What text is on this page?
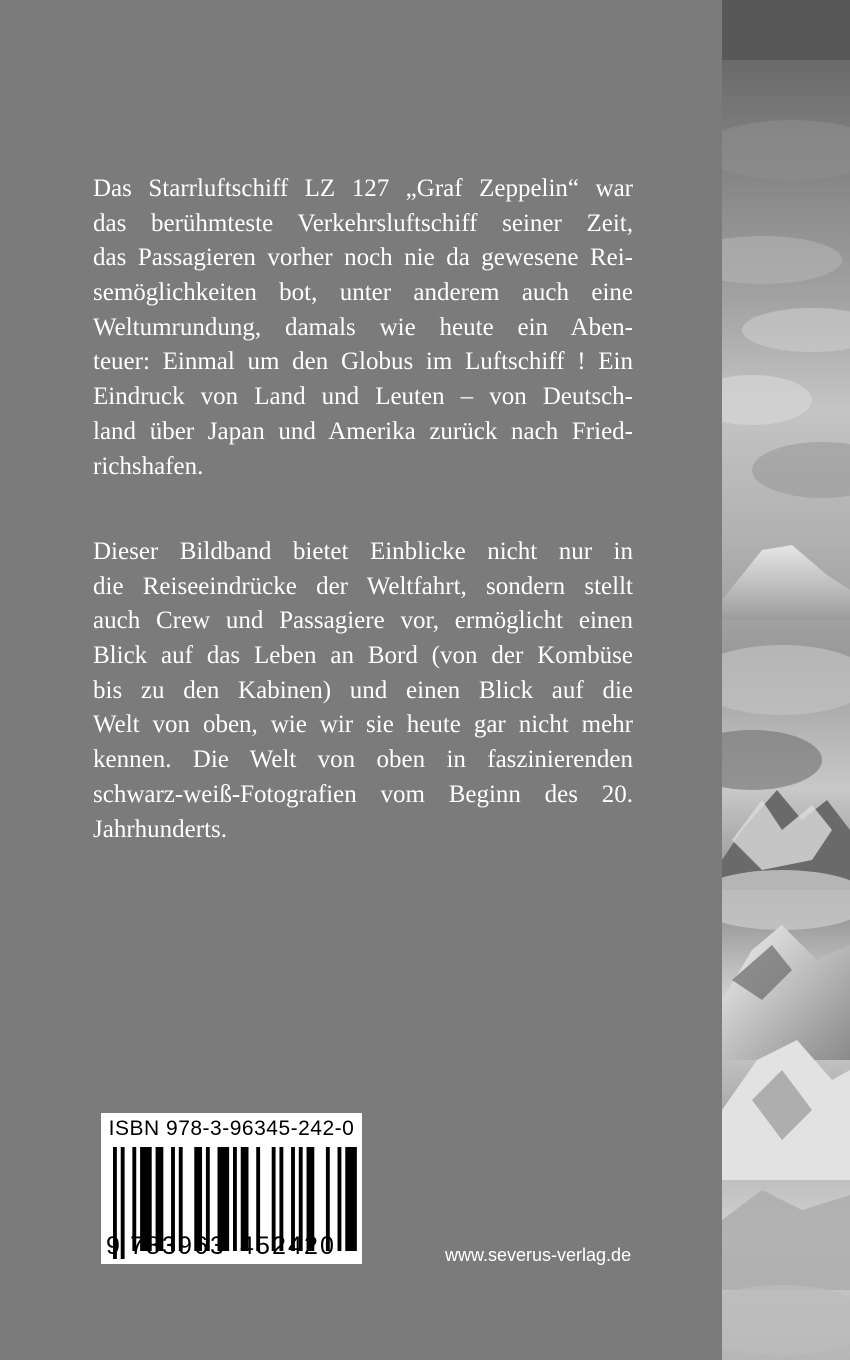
Das Starrluftschiff LZ 127 „Graf Zeppelin“ war
das berühmteste Verkehrsluftschiff seiner Zeit,
das Passagieren vorher noch nie da gewesene Rei-
semöglichkeiten bot, unter anderem auch eine
Weltumrundung, damals wie heute ein Aben-
teuer: Einmal um den Globus im Luftschiff ! Ein
Eindruck von Land und Leuten – von Deutsch-
land über Japan und Amerika zurück nach Fried-
richshafen.
Dieser Bildband bietet Einblicke nicht nur in
die Reiseeindrücke der Weltfahrt, sondern stellt
auch Crew und Passagiere vor, ermöglicht einen
Blick auf das Leben an Bord (von der Kombüse
bis zu den Kabinen) und einen Blick auf die
Welt von oben, wie wir sie heute gar nicht mehr
kennen. Die Welt von oben in faszinierenden
schwarz-weiß-Fotografien vom Beginn des 20.
Jahrhunderts.
ISBN 978-3-96345-242-0
9 7 8 3 9 6 3 4 5 2 4 2 0	www.severus-verlag.de
